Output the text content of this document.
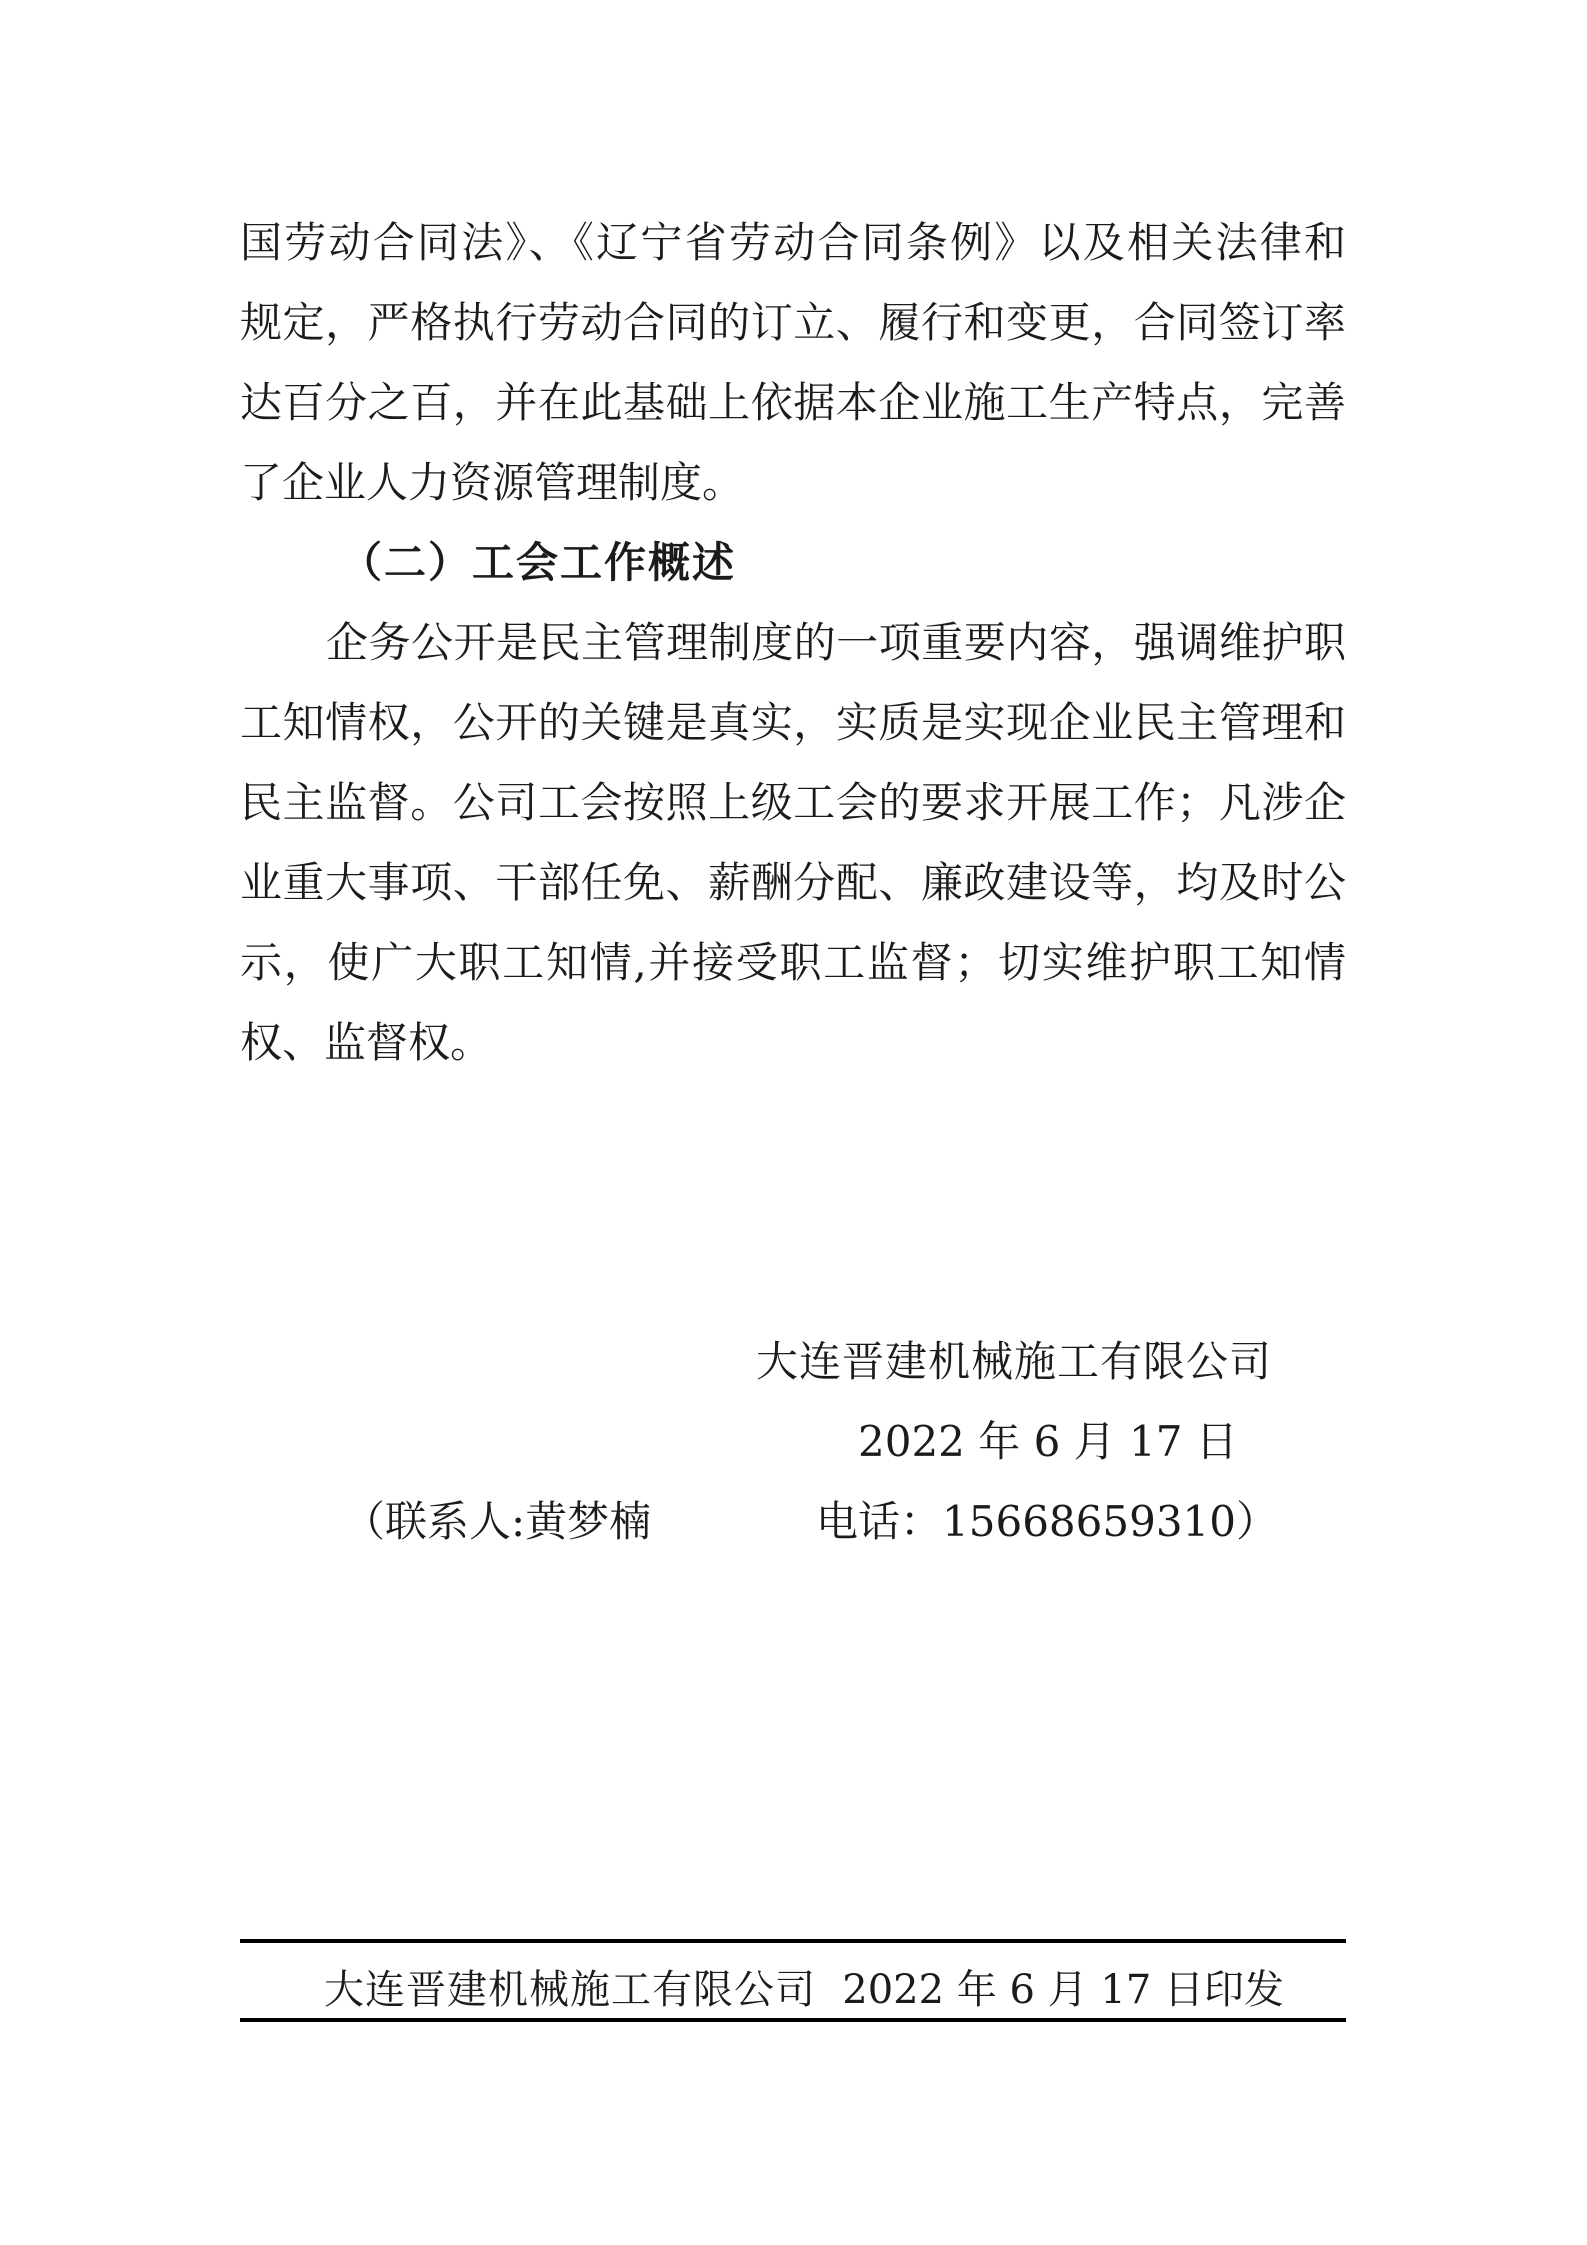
国劳动合同法》、《辽宁省劳动合同条例》以及相关法律和
规定，严格执行劳动合同的订立、履行和变更，合同签订率
达百分之百，并在此基础上依据本企业施工生产特点，完善
了企业人力资源管理制度。
（二）工会工作概述
企务公开是民主管理制度的一项重要内容，强调维护职
工知情权，公开的关键是真实，实质是实现企业民主管理和
民主监督。公司工会按照上级工会的要求开展工作；凡涉企
业重大事项、干部任免、薪酬分配、廉政建设等，均及时公
示，使广大职工知情,并接受职工监督；切实维护职工知情
权、监督权。
大连晋建机械施工有限公司
2022 年 6 月 17 日
（联系人:黄梦楠	电话：15668659310）
大连晋建机械施工有限公司 2022 年 6 月 17 日印发
